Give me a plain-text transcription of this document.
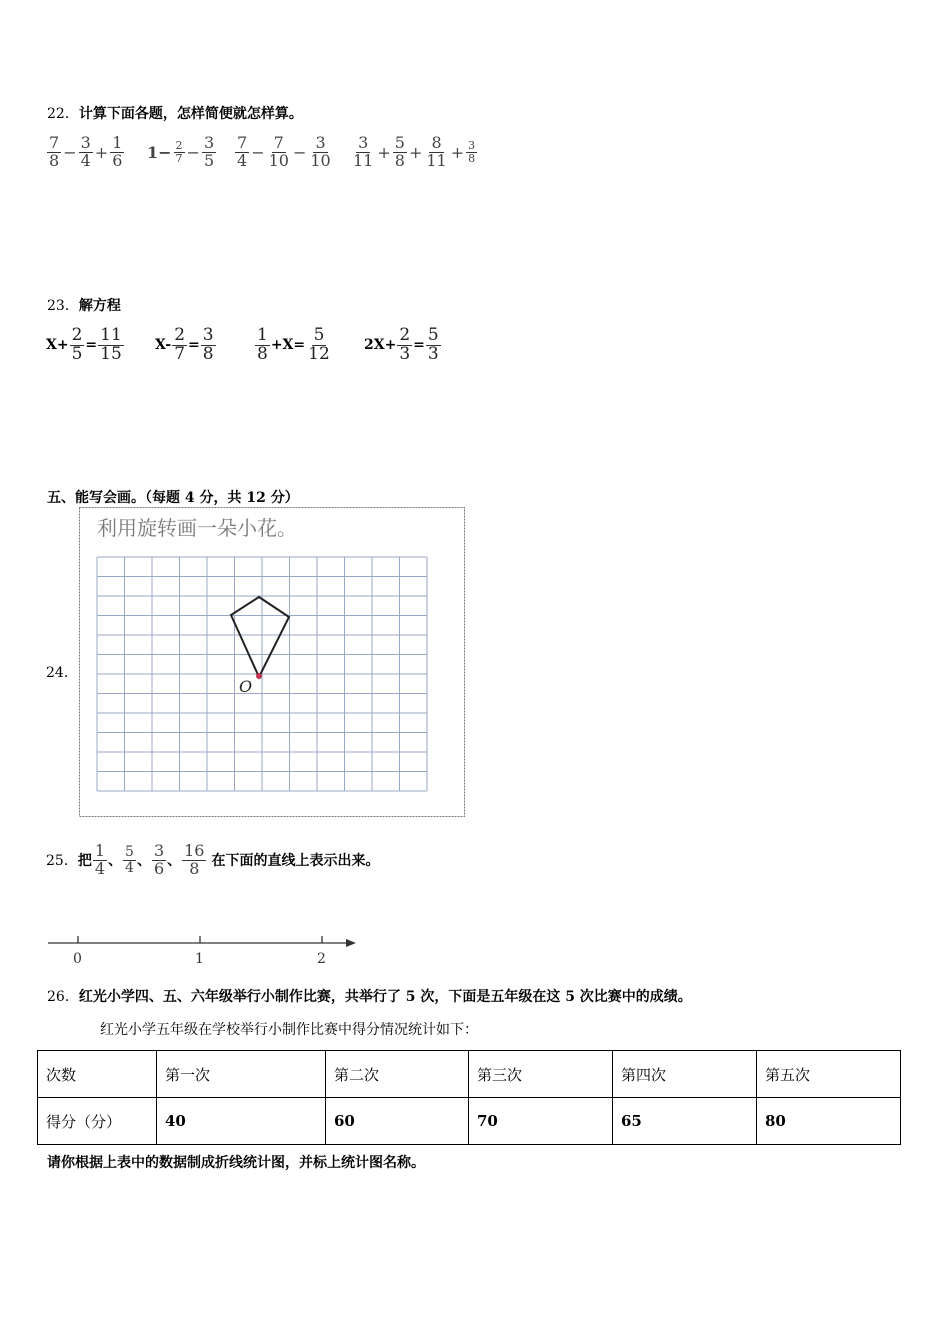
22．计算下面各题，怎样简便就怎样算。
$\frac{7}{8} - \frac{3}{4} + \frac{1}{6} 1- \frac{2}{7} - \frac{3}{5} \frac{7}{4} - \frac{7}{10} - \frac{3}{10} \frac{3}{11} + \frac{5}{8} + \frac{8}{11} + \frac{3}{8}$
23．解方程
$X+ \frac{2}{5} = \frac{11}{15} X- \frac{2}{7} = \frac{3}{8} \frac{1}{8} +X= \frac{5}{12} 2X+ \frac{2}{3} = \frac{5}{3}$
五、能写会画。（每题 4 分，共 12 分）
24．
利用旋转画一朵小花。
O
25． 把 $\frac{1}{4}$ 、 $\frac{5}{4}$ 、 $\frac{3}{6}$ 、 $\frac{16}{8}$ 在下面的直线上表示出来。
0	1	2
26．红光小学四、五、六年级举行小制作比赛，共举行了 5 次，下面是五年级在这 5 次比赛中的成绩。
红光小学五年级在学校举行小制作比赛中得分情况统计如下：
次数	第一次	第二次	第三次	第四次	第五次
得分（分）	40	60	70	65	80
请你根据上表中的数据制成折线统计图，并标上统计图名称。
